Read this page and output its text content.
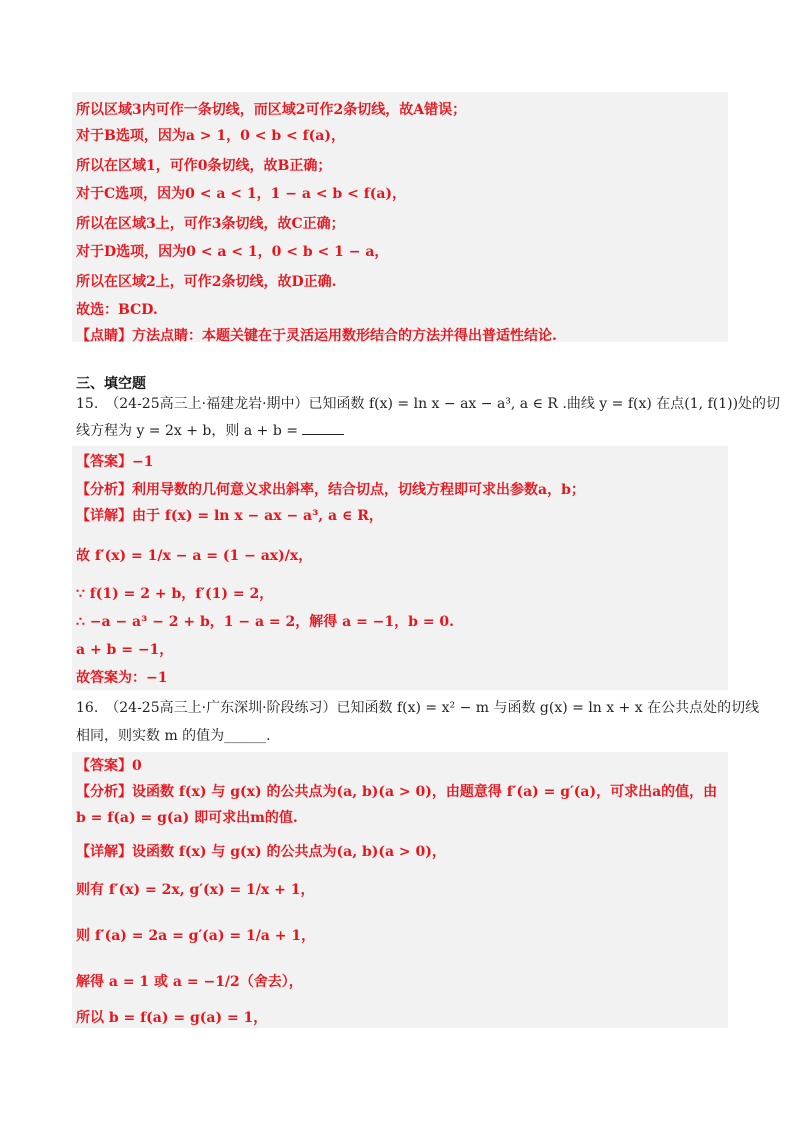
所以区域3内可作一条切线，而区域2可作2条切线，故A错误；
对于B选项，因为a > 1，0 < b < f(a)，
所以在区域1，可作0条切线，故B正确；
对于C选项，因为0 < a < 1，1 − a < b < f(a)，
所以在区域3上，可作3条切线，故C正确；
对于D选项，因为0 < a < 1，0 < b < 1 − a，
所以在区域2上，可作2条切线，故D正确.
故选：BCD.
【点睛】方法点睛：本题关键在于灵活运用数形结合的方法并得出普适性结论.
三、填空题
15.　（24-25高三上·福建龙岩·期中）已知函数 f(x) = ln x − ax − a³, a ∈ R .曲线 y = f(x) 在点(1, f(1))处的切
线方程为 y = 2x + b，则 a + b =
【答案】−1
【分析】利用导数的几何意义求出斜率，结合切点，切线方程即可求出参数a，b；
【详解】由于 f(x) = ln x − ax − a³, a ∈ R，
故 f′(x) = 1/x − a = (1 − ax)/x，
∵ f(1) = 2 + b，f′(1) = 2，
∴ −a − a³ − 2 + b，1 − a = 2，解得 a = −1，b = 0.
a + b = −1，
故答案为：−1
16.　（24-25高三上·广东深圳·阶段练习）已知函数 f(x) = x² − m 与函数 g(x) = ln x + x 在公共点处的切线
相同，则实数 m 的值为______.
【答案】0
【分析】设函数 f(x) 与 g(x) 的公共点为(a, b)(a > 0)，由题意得 f′(a) = g′(a)，可求出a的值，由
b = f(a) = g(a) 即可求出m的值.
【详解】设函数 f(x) 与 g(x) 的公共点为(a, b)(a > 0)，
则有 f′(x) = 2x, g′(x) = 1/x + 1，
则 f′(a) = 2a = g′(a) = 1/a + 1，
解得 a = 1 或 a = −1/2（舍去），
所以 b = f(a) = g(a) = 1，
